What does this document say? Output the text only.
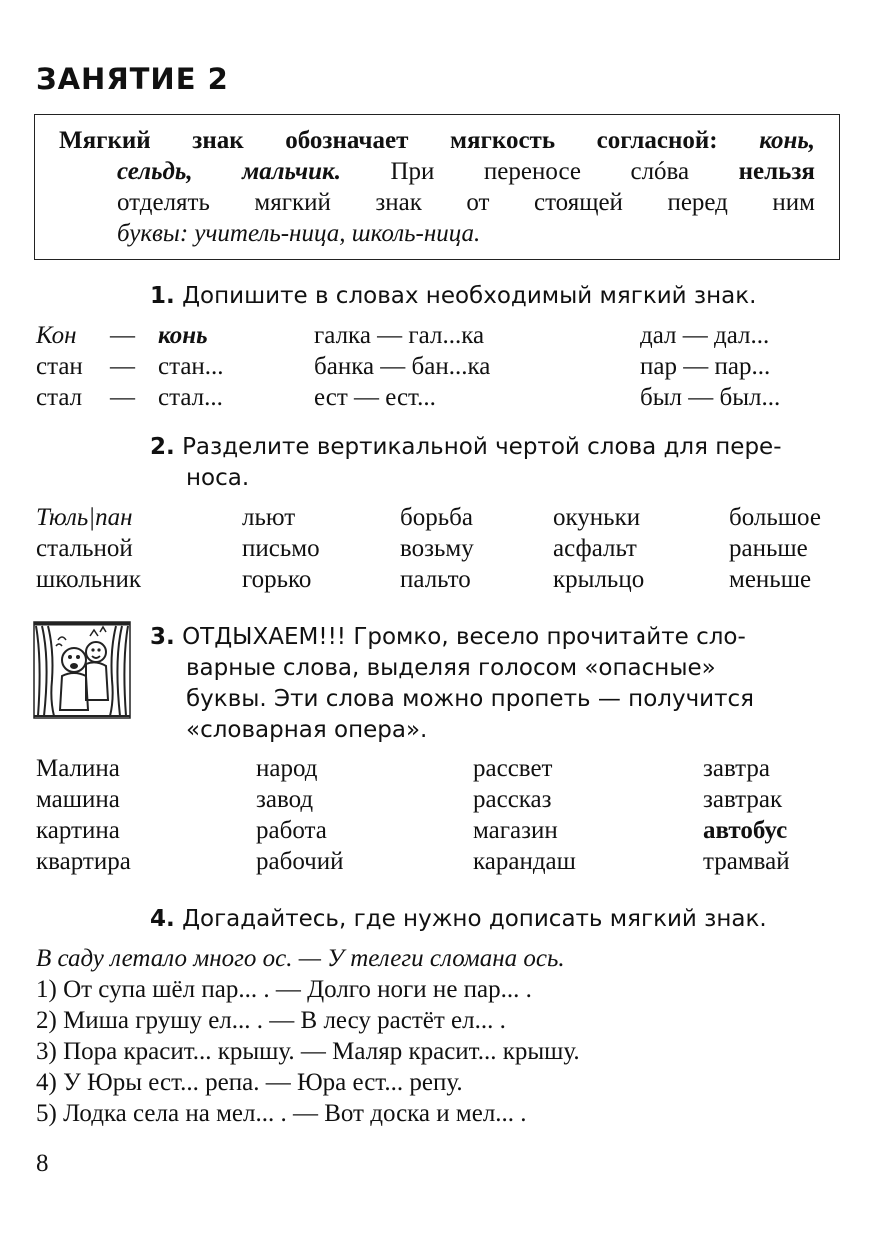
ЗАНЯТИЕ 2
Мягкий знак обозначает мягкость согласной: конь,
сельдь, мальчик. При переносе слóва нельзя
отделять мягкий знак от стоящей перед ним
буквы: учитель-ница, школь-ница.
1. Допишите в словах необходимый мягкий знак.
Кон — конь	галка — гал...ка	дал — дал...
стан — стан...	банка — бан...ка	пар — пар...
стал — стал...	ест — ест...	был — был...
2. Разделите вертикальной чертой слова для пере-
носа.
Тюль|пан	льют	борьба	окуньки	большое
стальной	письмо	возьму	асфальт	раньше
школьник	горько	пальто	крыльцо	меньше
3. ОТДЫХАЕМ!!! Громко, весело прочитайте сло-
варные слова, выделяя голосом «опасные»
буквы. Эти слова можно пропеть — получится
«словарная опера».
Малина	народ	рассвет	завтра
машина	завод	рассказ	завтрак
картина	работа	магазин	автобус
квартира	рабочий	карандаш	трамвай
4. Догадайтесь, где нужно дописать мягкий знак.
В саду летало много ос. — У телеги сломана ось.
1) От супа шёл пар... . — Долго ноги не пар... .
2) Миша грушу ел... . — В лесу растёт ел... .
3) Пора красит... крышу. — Маляр красит... крышу.
4) У Юры ест... репа. — Юра ест... репу.
5) Лодка села на мел... . — Вот доска и мел... .
8
